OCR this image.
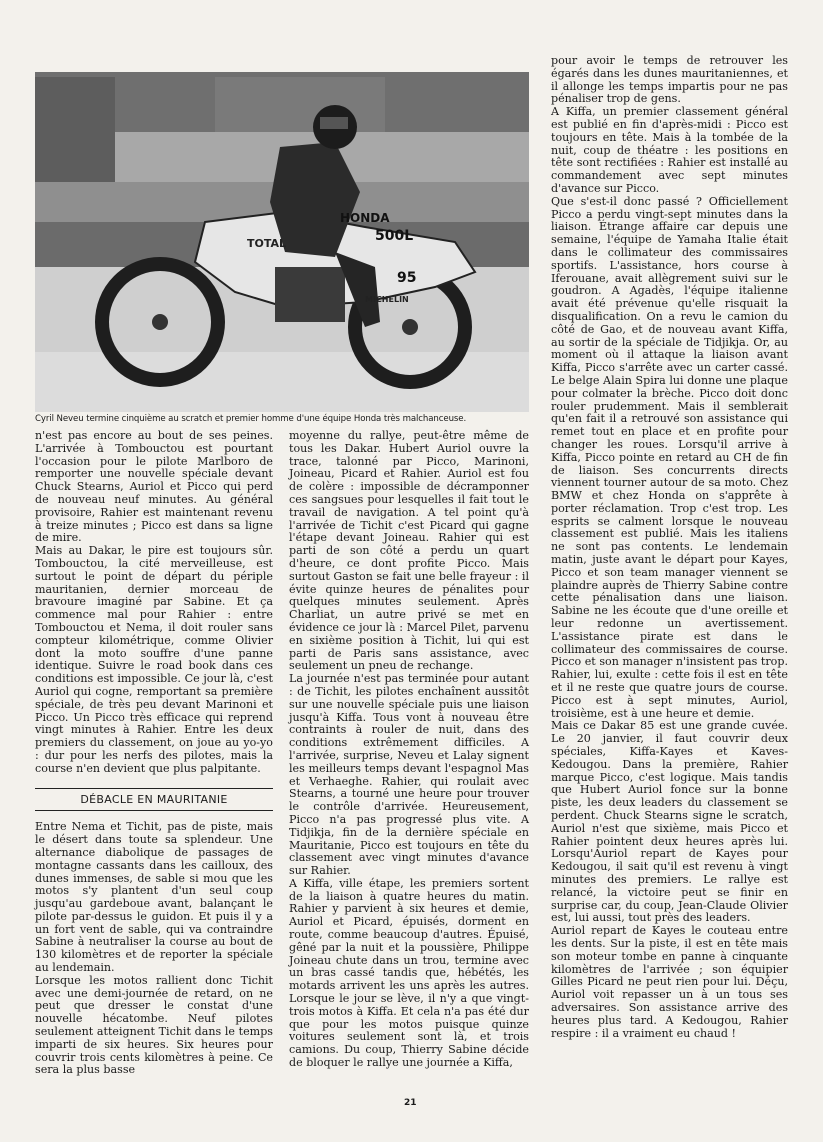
TOTAL
HONDA
500L
95
MICHELIN
Cyril Neveu termine cinquième au scratch et premier homme d'une équipe Honda très malchanceuse.

n'est pas encore au bout de ses peines. L'arrivée à Tombouctou est pourtant l'occasion pour le pilote Marlboro de remporter une nouvelle spéciale devant Chuck Stearns, Auriol et Picco qui perd de nouveau neuf minutes. Au général provisoire, Rahier est maintenant revenu à treize minutes ; Picco est dans sa ligne de mire.

Mais au Dakar, le pire est toujours sûr. Tombouctou, la cité merveilleuse, est surtout le point de départ du périple mauritanien, dernier morceau de bravoure imaginé par Sabine. Et ça commence mal pour Rahier : entre Tombouctou et Nema, il doit rouler sans compteur kilométrique, comme Olivier dont la moto souffre d'une panne identique. Suivre le road book dans ces conditions est impossible. Ce jour là, c'est Auriol qui cogne, remportant sa première spéciale, de très peu devant Marinoni et Picco. Un Picco très efficace qui reprend vingt minutes à Rahier. Entre les deux premiers du classement, on joue au yo-yo : dur pour les nerfs des pilotes, mais la course n'en devient que plus palpitante.

DÉBACLE EN MAURITANIE

Entre Nema et Tichit, pas de piste, mais le désert dans toute sa splendeur. Une alternance diabolique de passages de montagne cassants dans les cailloux, des dunes immenses, de sable si mou que les motos s'y plantent d'un seul coup jusqu'au gardeboue avant, balançant le pilote par-dessus le guidon. Et puis il y a un fort vent de sable, qui va contraindre Sabine à neutraliser la course au bout de 130 kilomètres et de reporter la spéciale au lendemain.

Lorsque les motos rallient donc Tichit avec une demi-journée de retard, on ne peut que dresser le constat d'une nouvelle hécatombe. Neuf pilotes seulement atteignent Tichit dans le temps imparti de six heures. Six heures pour couvrir trois cents kilomètres à peine. Ce sera la plus basse

moyenne du rallye, peut-être même de tous les Dakar. Hubert Auriol ouvre la trace, talonné par Picco, Marinoni, Joineau, Picard et Rahier. Auriol est fou de colère : impossible de décramponner ces sangsues pour lesquelles il fait tout le travail de navigation. A tel point qu'à l'arrivée de Tichit c'est Picard qui gagne l'étape devant Joineau. Rahier qui est parti de son côté a perdu un quart d'heure, ce dont profite Picco. Mais surtout Gaston se fait une belle frayeur : il évite quinze heures de pénalites pour quelques minutes seulement. Après Charliat, un autre privé se met en évidence ce jour là : Marcel Pilet, parvenu en sixième position à Tichit, lui qui est parti de Paris sans assistance, avec seulement un pneu de rechange.

La journée n'est pas terminée pour autant : de Tichit, les pilotes enchaînent aussitôt sur une nouvelle spéciale puis une liaison jusqu'à Kiffa. Tous vont à nouveau être contraints à rouler de nuit, dans des conditions extrêmement difficiles. A l'arrivée, surprise, Neveu et Lalay signent les meilleurs temps devant l'espagnol Mas et Verhaeghe. Rahier, qui roulait avec Stearns, a tourné une heure pour trouver le contrôle d'arrivée. Heureusement, Picco n'a pas progressé plus vite. A Tidjikja, fin de la dernière spéciale en Mauritanie, Picco est toujours en tête du classement avec vingt minutes d'avance sur Rahier.

A Kiffa, ville étape, les premiers sortent de la liaison à quatre heures du matin. Rahier y parvient à six heures et demie, Auriol et Picard, épuisés, dorment en route, comme beaucoup d'autres. Épuisé, gêné par la nuit et la poussière, Philippe Joineau chute dans un trou, termine avec un bras cassé tandis que, hébétés, les motards arrivent les uns après les autres. Lorsque le jour se lève, il n'y a que vingt-trois motos à Kiffa. Et cela n'a pas été dur que pour les motos puisque quinze voitures seulement sont là, et trois camions. Du coup, Thierry Sabine décide de bloquer le rallye une journée a Kiffa,

pour avoir le temps de retrouver les égarés dans les dunes mauritaniennes, et il allonge les temps impartis pour ne pas pénaliser trop de gens.

A Kiffa, un premier classement général est publié en fin d'après-midi : Picco est toujours en tête. Mais à la tombée de la nuit, coup de théatre : les positions en tête sont rectifiées : Rahier est installé au commandement avec sept minutes d'avance sur Picco.

Que s'est-il donc passé ? Officiellement Picco a perdu vingt-sept minutes dans la liaison. Étrange affaire car depuis une semaine, l'équipe de Yamaha Italie était dans le collimateur des commissaires sportifs. L'assistance, hors course à Iferouane, avait allègrement suivi sur le goudron. A Agadès, l'équipe italienne avait été prévenue qu'elle risquait la disqualification. On a revu le camion du côté de Gao, et de nouveau avant Kiffa, au sortir de la spéciale de Tidjikja. Or, au moment où il attaque la liaison avant Kiffa, Picco s'arrête avec un carter cassé. Le belge Alain Spira lui donne une plaque pour colmater la brèche. Picco doit donc rouler prudemment. Mais il semblerait qu'en fait il a retrouvé son assistance qui remet tout en place et en profite pour changer les roues. Lorsqu'il arrive à Kiffa, Picco pointe en retard au CH de fin de liaison. Ses concurrents directs viennent tourner autour de sa moto. Chez BMW et chez Honda on s'apprête à porter réclamation. Trop c'est trop. Les esprits se calment lorsque le nouveau classement est publié. Mais les italiens ne sont pas contents. Le lendemain matin, juste avant le départ pour Kayes, Picco et son team manager viennent se plaindre auprès de Thierry Sabine contre cette pénalisation dans une liaison. Sabine ne les écoute que d'une oreille et leur redonne un avertissement. L'assistance pirate est dans le collimateur des commissaires de course. Picco et son manager n'insistent pas trop. Rahier, lui, exulte : cette fois il est en tête et il ne reste que quatre jours de course. Picco est à sept minutes, Auriol, troisième, est à une heure et demie.

Mais ce Dakar 85 est une grande cuvée. Le 20 janvier, il faut couvrir deux spéciales, Kiffa-Kayes et Kaves-Kedougou. Dans la première, Rahier marque Picco, c'est logique. Mais tandis que Hubert Auriol fonce sur la bonne piste, les deux leaders du classement se perdent. Chuck Stearns signe le scratch, Auriol n'est que sixième, mais Picco et Rahier pointent deux heures après lui. Lorsqu'Auriol repart de Kayes pour Kedougou, il sait qu'il est revenu à vingt minutes des premiers. Le rallye est relancé, la victoire peut se finir en surprise car, du coup, Jean-Claude Olivier est, lui aussi, tout près des leaders.

Auriol repart de Kayes le couteau entre les dents. Sur la piste, il est en tête mais son moteur tombe en panne à cinquante kilomètres de l'arrivée ; son équipier Gilles Picard ne peut rien pour lui. Déçu, Auriol voit repasser un à un tous ses adversaires. Son assistance arrive des heures plus tard. A Kedougou, Rahier respire : il a vraiment eu chaud !

21
